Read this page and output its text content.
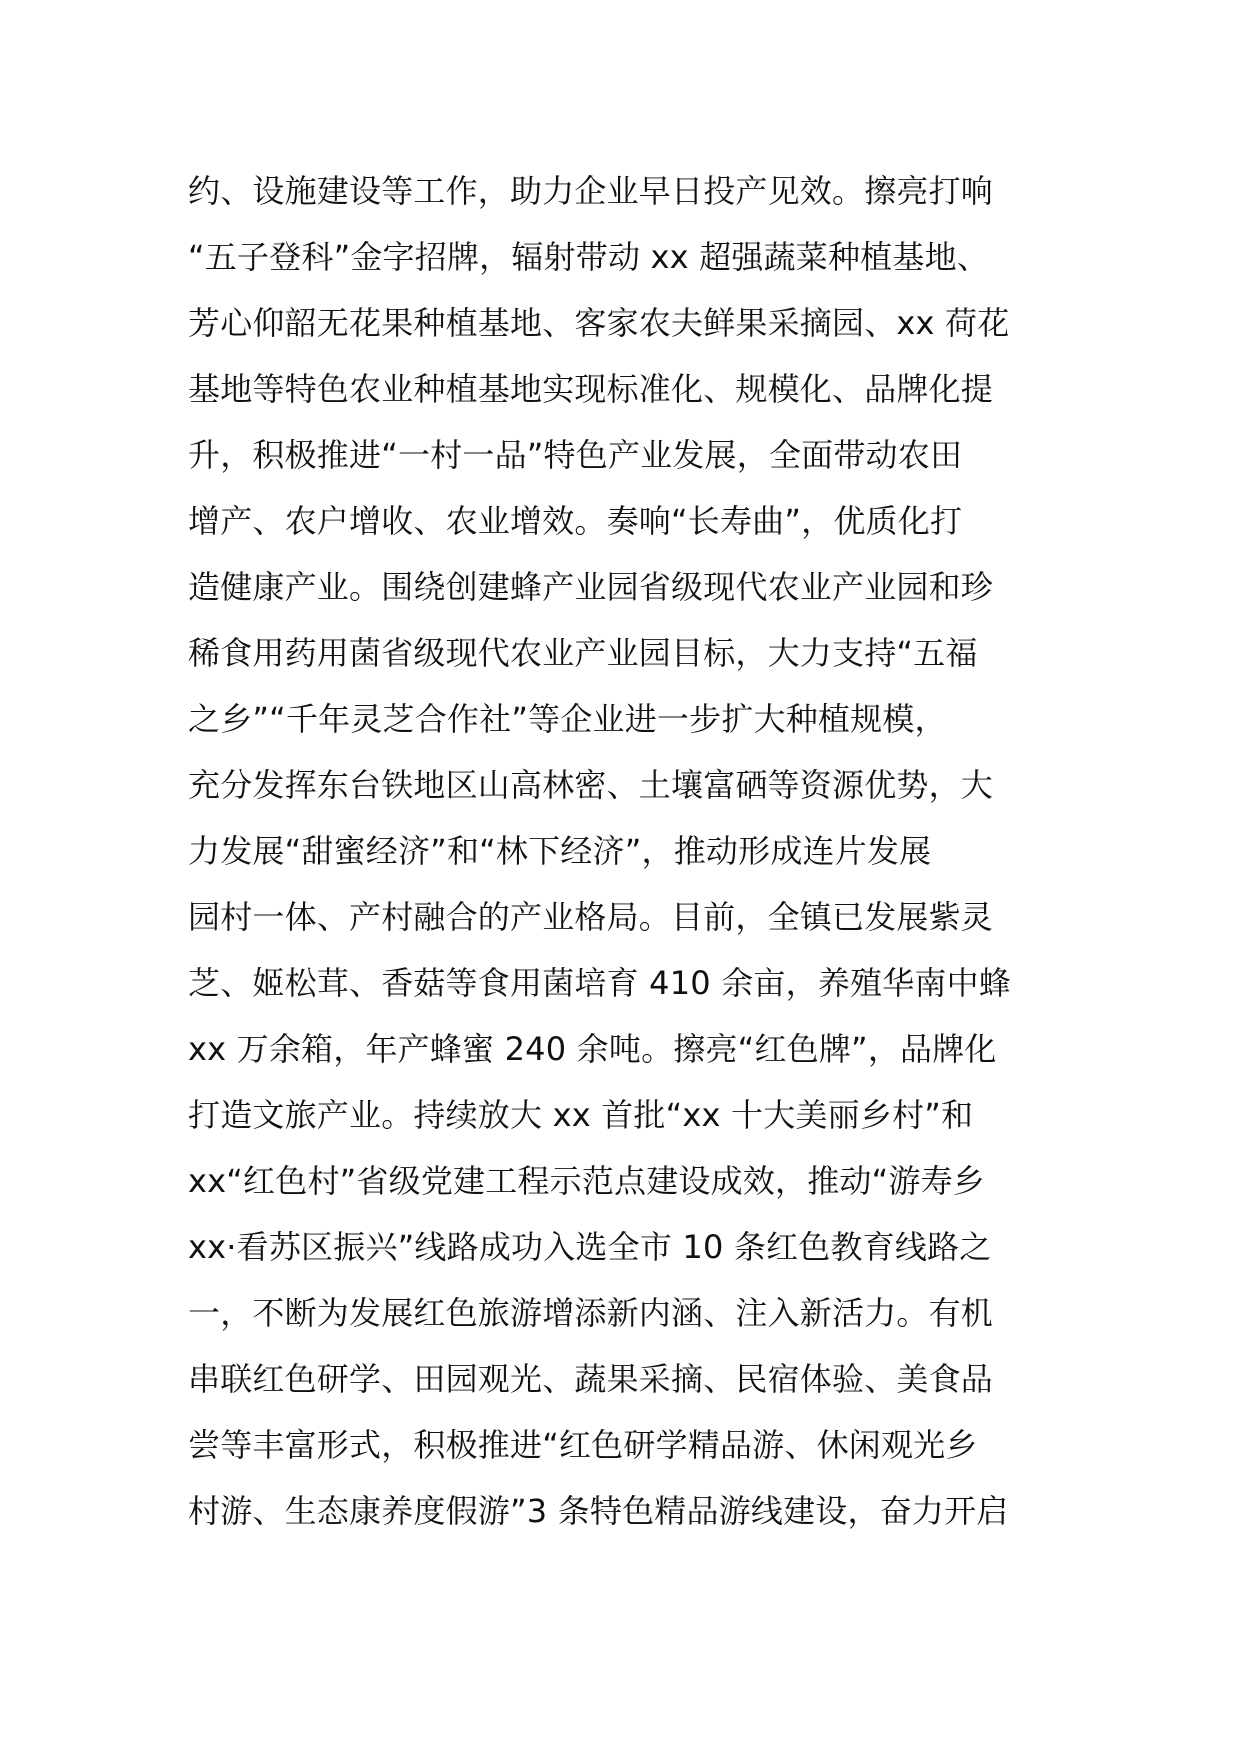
约、设施建设等工作，助力企业早日投产见效。擦亮打响
“五子登科”金字招牌，辐射带动 xx 超强蔬菜种植基地、
芳心仰韶无花果种植基地、客家农夫鲜果采摘园、xx 荷花
基地等特色农业种植基地实现标准化、规模化、品牌化提
升，积极推进“一村一品”特色产业发展，全面带动农田
增产、农户增收、农业增效。奏响“长寿曲”，优质化打
造健康产业。围绕创建蜂产业园省级现代农业产业园和珍
稀食用药用菌省级现代农业产业园目标，大力支持“五福
之乡”“千年灵芝合作社”等企业进一步扩大种植规模，
充分发挥东台铁地区山高林密、土壤富硒等资源优势，大
力发展“甜蜜经济”和“林下经济”，推动形成连片发展
园村一体、产村融合的产业格局。目前，全镇已发展紫灵
芝、姬松茸、香菇等食用菌培育 410 余亩，养殖华南中蜂
xx 万余箱，年产蜂蜜 240 余吨。擦亮“红色牌”，品牌化
打造文旅产业。持续放大 xx 首批“xx 十大美丽乡村”和
xx“红色村”省级党建工程示范点建设成效，推动“游寿乡
xx·看苏区振兴”线路成功入选全市 10 条红色教育线路之
一，不断为发展红色旅游增添新内涵、注入新活力。有机
串联红色研学、田园观光、蔬果采摘、民宿体验、美食品
尝等丰富形式，积极推进“红色研学精品游、休闲观光乡
村游、生态康养度假游”3 条特色精品游线建设，奋力开启
